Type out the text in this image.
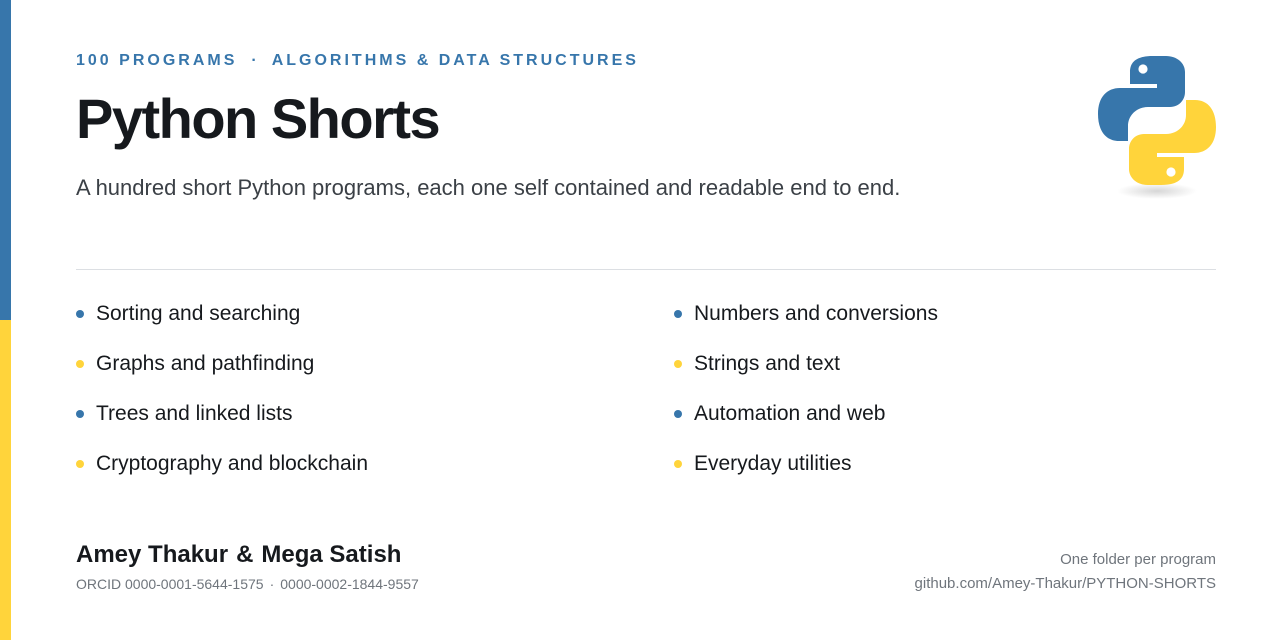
100 PROGRAMS · ALGORITHMS & DATA STRUCTURES
Python Shorts

A hundred short Python programs, each one self contained and readable end to end.

Sorting and searching
Graphs and pathfinding
Trees and linked lists
Cryptography and blockchain
Numbers and conversions
Strings and text
Automation and web
Everyday utilities
Amey Thakur & Mega Satish
ORCID 0000-0001-5644-1575 · 0000-0002-1844-9557
One folder per program
github.com/Amey-Thakur/PYTHON-SHORTS
